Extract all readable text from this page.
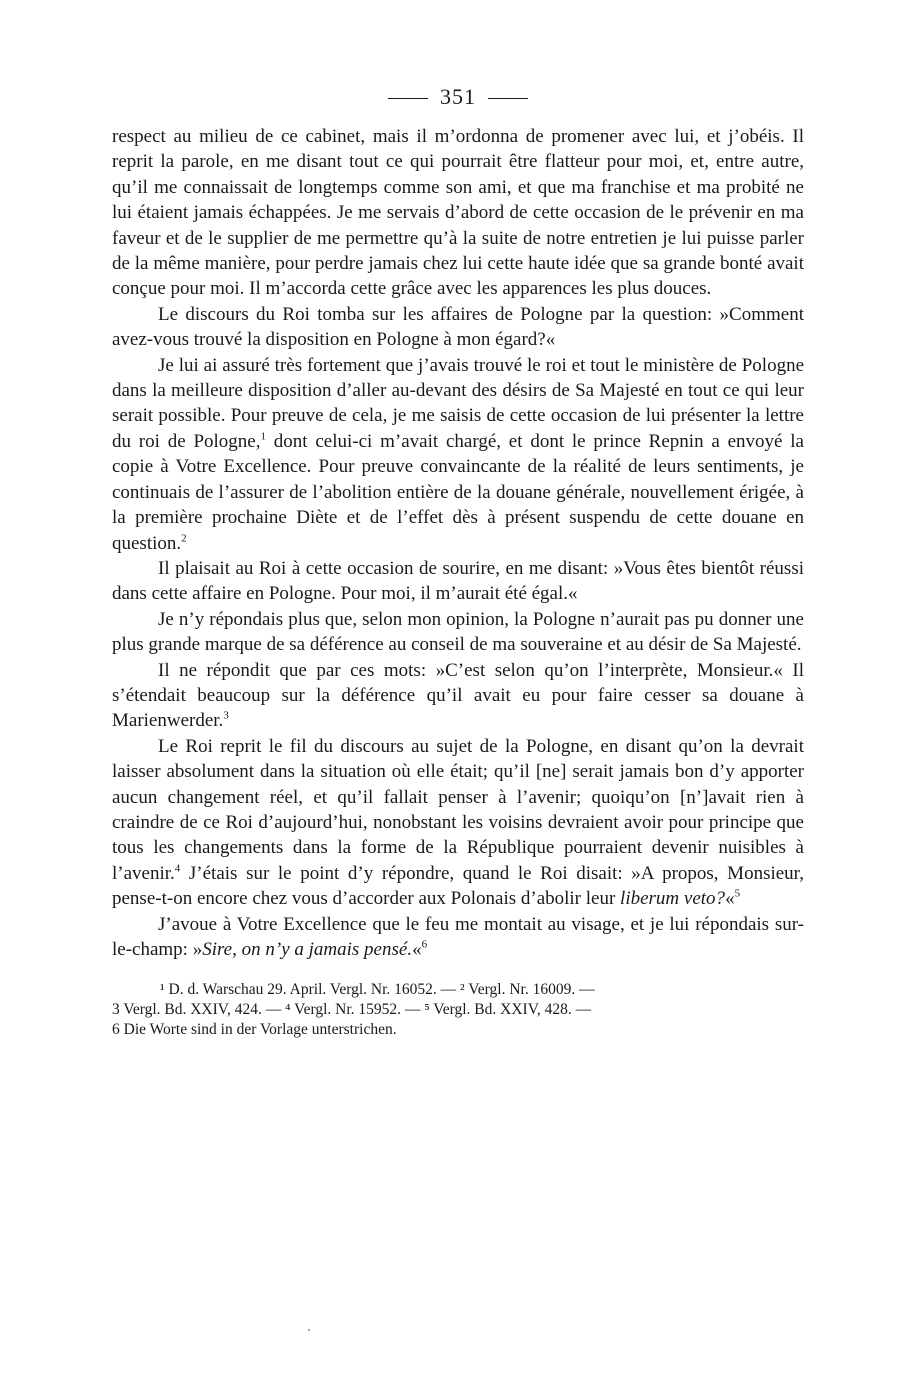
351

respect au milieu de ce cabinet, mais il m’ordonna de promener avec lui, et j’obéis. Il reprit la parole, en me disant tout ce qui pourrait être flatteur pour moi, et, entre autre, qu’il me connaissait de longtemps comme son ami, et que ma franchise et ma probité ne lui étaient jamais échappées. Je me servais d’abord de cette occasion de le prévenir en ma faveur et de le supplier de me permettre qu’à la suite de notre entretien je lui puisse parler de la même manière, pour perdre jamais chez lui cette haute idée que sa grande bonté avait conçue pour moi. Il m’accorda cette grâce avec les apparences les plus douces.

Le discours du Roi tomba sur les affaires de Pologne par la question: »Comment avez-vous trouvé la disposition en Pologne à mon égard?«

Je lui ai assuré très fortement que j’avais trouvé le roi et tout le ministère de Pologne dans la meilleure disposition d’aller au-devant des désirs de Sa Majesté en tout ce qui leur serait possible. Pour preuve de cela, je me saisis de cette occasion de lui présenter la lettre du roi de Pologne,$^1$ dont celui-ci m’avait chargé, et dont le prince Repnin a envoyé la copie à Votre Excellence. Pour preuve convaincante de la réalité de leurs sentiments, je continuais de l’assurer de l’abolition entière de la douane générale, nouvellement érigée, à la première prochaine Diète et de l’effet dès à présent suspendu de cette douane en question.$^2$

Il plaisait au Roi à cette occasion de sourire, en me disant: »Vous êtes bientôt réussi dans cette affaire en Pologne. Pour moi, il m’aurait été égal.«

Je n’y répondais plus que, selon mon opinion, la Pologne n’aurait pas pu donner une plus grande marque de sa déférence au conseil de ma souveraine et au désir de Sa Majesté.

Il ne répondit que par ces mots: »C’est selon qu’on l’interprète, Monsieur.« Il s’étendait beaucoup sur la déférence qu’il avait eu pour faire cesser sa douane à Marienwerder.$^3$

Le Roi reprit le fil du discours au sujet de la Pologne, en disant qu’on la devrait laisser absolument dans la situation où elle était; qu’il [ne] serait jamais bon d’y apporter aucun changement réel, et qu’il fallait penser à l’avenir; quoiqu’on [n’]avait rien à craindre de ce Roi d’aujourd’hui, nonobstant les voisins devraient avoir pour principe que tous les changements dans la forme de la République pourraient devenir nuisibles à l’avenir.$^4$ J’étais sur le point d’y répondre, quand le Roi disait: »A propos, Monsieur, pense-t-on encore chez vous d’accorder aux Polonais d’abolir leur liberum veto?«$^5$

J’avoue à Votre Excellence que le feu me montait au visage, et je lui répondais sur-le-champ: »Sire, on n’y a jamais pensé.«$^6$

¹ D. d. Warschau 29. April. Vergl. Nr. 16052. — ² Vergl. Nr. 16009. —

3 Vergl. Bd. XXIV, 424. — ⁴ Vergl. Nr. 15952. — ⁵ Vergl. Bd. XXIV, 428. —

6 Die Worte sind in der Vorlage unterstrichen.
